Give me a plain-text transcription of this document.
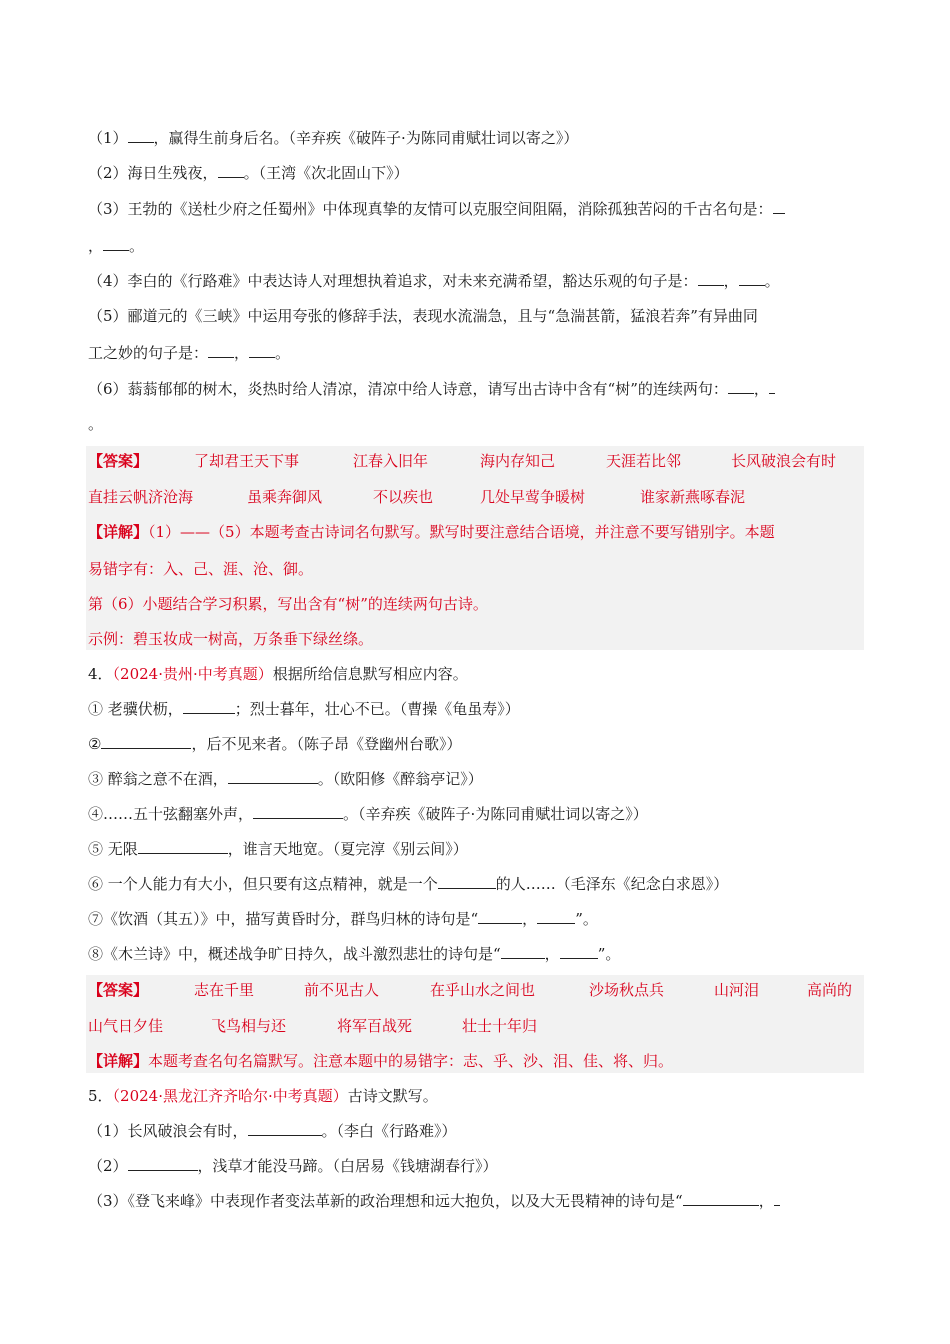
（1） ，赢得生前身后名。（辛弃疾《破阵子·为陈同甫赋壮词以寄之》）
（2）海日生残夜， 。（王湾《次北固山下》）
（3）王勃的《送杜少府之任蜀州》中体现真挚的友情可以克服空间阻隔，消除孤独苦闷的千古名句是：
， 。
（4）李白的《行路难》中表达诗人对理想执着追求，对未来充满希望，豁达乐观的句子是： ， 。
（5）郦道元的《三峡》中运用夸张的修辞手法，表现水流湍急，且与“急湍甚箭，猛浪若奔”有异曲同
工之妙的句子是： ， 。
（6）蓊蓊郁郁的树木，炎热时给人清凉，清凉中给人诗意，请写出古诗中含有“树”的连续两句： ，
。
【答案】	了却君王天下事	江春入旧年	海内存知己	天涯若比邻	长风破浪会有时
直挂云帆济沧海	虽乘奔御风	不以疾也	几处早莺争暖树	谁家新燕啄春泥
【详解】（1）——（5）本题考查古诗词名句默写。默写时要注意结合语境，并注意不要写错别字。本题
易错字有：入、己、涯、沧、御。
第（6）小题结合学习积累，写出含有“树”的连续两句古诗。
示例：碧玉妆成一树高，万条垂下绿丝绦。
4．（2024·贵州·中考真题）根据所给信息默写相应内容。
① 老骥伏枥，	；烈士暮年，壮心不已。（曹操《龟虽寿》）
②	，后不见来者。（陈子昂《登幽州台歌》）
③ 醉翁之意不在酒，	。（欧阳修《醉翁亭记》）
④……五十弦翻塞外声，	。（辛弃疾《破阵子·为陈同甫赋壮词以寄之》）
⑤ 无限	，谁言天地宽。（夏完淳《别云间》）
⑥ 一个人能力有大小，但只要有这点精神，就是一个	的人……（毛泽东《纪念白求恩》）
⑦《饮酒（其五）》中，描写黄昏时分，群鸟归林的诗句是“	，	”。
⑧《木兰诗》中，概述战争旷日持久，战斗激烈悲壮的诗句是“	，	”。
【答案】	志在千里	前不见古人	在乎山水之间也	沙场秋点兵	山河泪	高尚的
山气日夕佳	飞鸟相与还	将军百战死	壮士十年归
【详解】本题考查名句名篇默写。注意本题中的易错字：志、乎、沙、泪、佳、将、归。
5．（2024·黑龙江齐齐哈尔·中考真题）古诗文默写。
（1）长风破浪会有时，	。（李白《行路难》）
（2）	，浅草才能没马蹄。（白居易《钱塘湖春行》）
（3）《登飞来峰》中表现作者变法革新的政治理想和远大抱负，以及大无畏精神的诗句是“	，
